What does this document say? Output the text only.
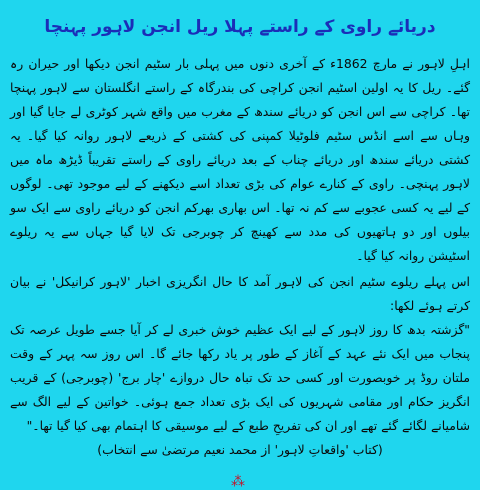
دریائے راوی کے راستے پہلا ریل انجن لاہور پہنچا

اہلِ لاہور نے مارچ 1862ء کے آخری دنوں میں پہلی بار سٹیم انجن دیکھا اور حیران رہ گئے۔ ریل کا یہ اولین اسٹیم انجن کراچی کی بندرگاہ کے راستے انگلستان سے لاہور پہنچا تھا۔ کراچی سے اس انجن کو دریائے سندھ کے مغرب میں واقع شہر کوٹری لے جایا گیا اور وہاں سے اسے انڈس سٹیم فلوٹیلا کمپنی کی کشتی کے ذریعے لاہور روانہ کیا گیا۔ یہ کشتی دریائے سندھ اور دریائے چناب کے بعد دریائے راوی کے راستے تقریباً ڈیڑھ ماہ میں لاہور پہنچی۔ راوی کے کنارے عوام کی بڑی تعداد اسے دیکھنے کے لیے موجود تھی۔ لوگوں کے لیے یہ کسی عجوبے سے کم نہ تھا۔ اس بھاری بھرکم انجن کو دریائے راوی سے ایک سو بیلوں اور دو ہاتھیوں کی مدد سے کھینچ کر چوبرجی تک لایا گیا جہاں سے یہ ریلوے اسٹیشن روانہ کیا گیا۔

اس پہلے ریلوے سٹیم انجن کی لاہور آمد کا حال انگریزی اخبار 'لاہور کرانیکل' نے بیان کرتے ہوئے لکھا:

"گزشتہ بدھ کا روز لاہور کے لیے ایک عظیم خوش خبری لے کر آیا جسے طویل عرصہ تک پنجاب میں ایک نئے عہد کے آغاز کے طور پر یاد رکھا جائے گا۔ اس روز سہ پہر کے وقت ملتان روڈ پر خوبصورت اور کسی حد تک تباہ حال دروازے 'چار برج' (چوبرجی) کے قریب انگریز حکام اور مقامی شہریوں کی ایک بڑی تعداد جمع ہوئی۔ خواتین کے لیے الگ سے شامیانے لگائے گئے تھے اور ان کی تفریحِ طبع کے لیے موسیقی کا اہتمام بھی کیا گیا تھا۔"

(کتاب 'واقعاتِ لاہور' از محمد نعیم مرتضیٰ سے انتخاب)

⁂
